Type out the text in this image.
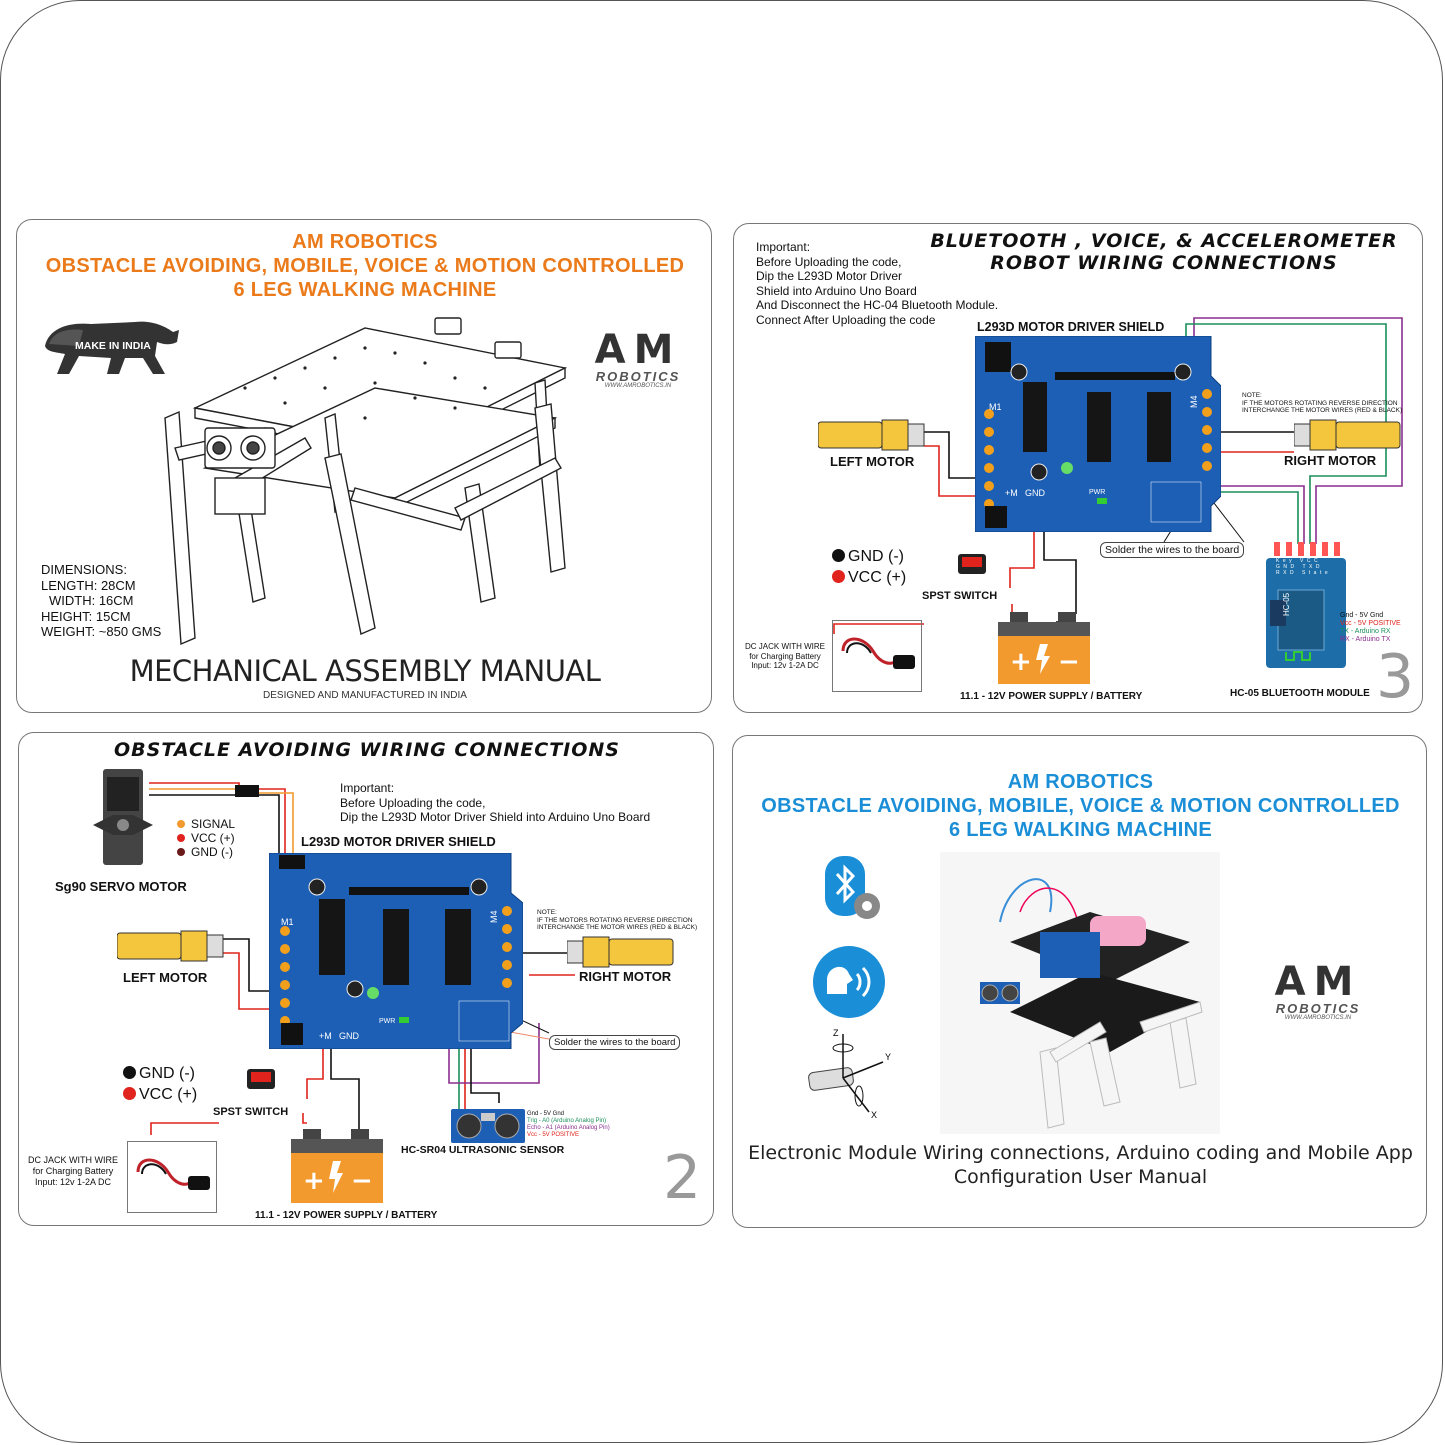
AM ROBOTICS
OBSTACLE AVOIDING, MOBILE, VOICE & MOTION CONTROLLED
6 LEG WALKING MACHINE
MAKE IN INDIA	AM
ROBOTICS
WWW.AMROBOTICS.IN
DIMENSIONS:
LENGTH: 28CM
WIDTH: 16CM
HEIGHT: 15CM
WEIGHT: ~850 GMS
MECHANICAL ASSEMBLY MANUAL
DESIGNED AND MANUFACTURED IN INDIA
BLUETOOTH , VOICE, & ACCELEROMETER
ROBOT WIRING CONNECTIONS
Important:
Before Uploading the code,
Dip the L293D Motor Driver
Shield into Arduino Uno Board
And Disconnect the HC-04 Bluetooth Module.
Connect After Uploading the code
L293D MOTOR DRIVER SHIELD
M1	M4
+M GND	PWR
LEFT MOTOR	RIGHT MOTOR
NOTE:
IF THE MOTORS ROTATING REVERSE DIRECTION
INTERCHANGE THE MOTOR WIRES (RED & BLACK)
GND (-)
VCC (+)
SPST SWITCH
Solder the wires to the board
DC JACK WITH WIRE
for Charging Battery
Input: 12v 1-2A DC	+ −
11.1 - 12V POWER SUPPLY / BATTERY
Key VCC GND TXD RXD State
HC-05
HC-05 BLUETOOTH MODULE
Gnd - 5V Gnd
Vcc - 5V POSITIVE
TX - Arduino RX
RX - Arduino TX
3
OBSTACLE AVOIDING WIRING CONNECTIONS
Important:
Before Uploading the code,
Dip the L293D Motor Driver Shield into Arduino Uno Board
SIGNAL
VCC (+)
GND (-)
Sg90 SERVO MOTOR
L293D MOTOR DRIVER SHIELD
M1	M4
+M GND
PWR
LEFT MOTOR	RIGHT MOTOR
NOTE:
IF THE MOTORS ROTATING REVERSE DIRECTION
INTERCHANGE THE MOTOR WIRES (RED & BLACK)
Solder the wires to the board
GND (-)
VCC (+)
SPST SWITCH	Gnd - 5V Gnd
Trig - A0 (Arduino Analog Pin)
Echo - A1 (Arduino Analog Pin)
Vcc - 5V POSITIVE
HC-SR04 ULTRASONIC SENSOR
DC JACK WITH WIRE
for Charging Battery
Input: 12v 1-2A DC	+ −
11.1 - 12V POWER SUPPLY / BATTERY
2
AM ROBOTICS
OBSTACLE AVOIDING, MOBILE, VOICE & MOTION CONTROLLED
6 LEG WALKING MACHINE
Z
Y
X
AM
ROBOTICS
WWW.AMROBOTICS.IN
Electronic Module Wiring connections, Arduino coding and Mobile App
Configuration User Manual
